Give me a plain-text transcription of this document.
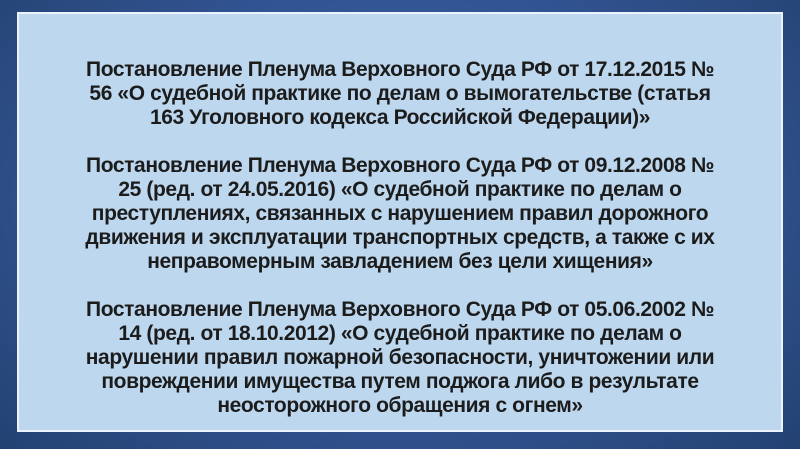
Постановление Пленума Верховного Суда РФ от 17.12.2015 №
56 «О судебной практике по делам о вымогательстве (статья
163 Уголовного кодекса Российской Федерации)»
Постановление Пленума Верховного Суда РФ от 09.12.2008 №
25 (ред. от 24.05.2016) «О судебной практике по делам о
преступлениях, связанных с нарушением правил дорожного
движения и эксплуатации транспортных средств, а также с их
неправомерным завладением без цели хищения»
Постановление Пленума Верховного Суда РФ от 05.06.2002 №
14 (ред. от 18.10.2012) «О судебной практике по делам о
нарушении правил пожарной безопасности, уничтожении или
повреждении имущества путем поджога либо в результате
неосторожного обращения с огнем»
